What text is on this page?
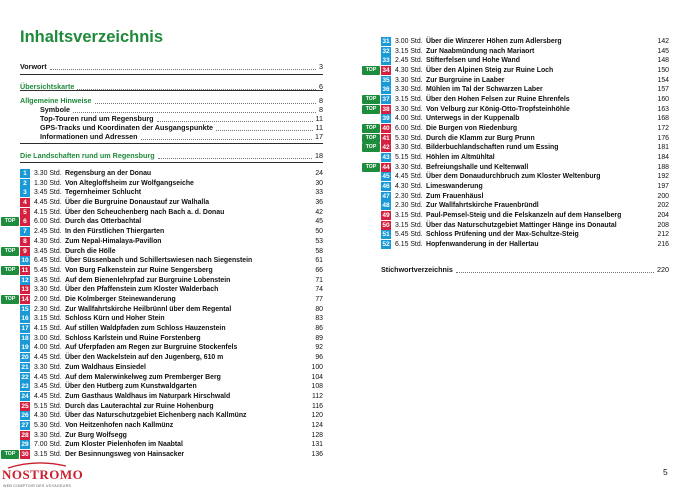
Inhaltsverzeichnis
Vorwort	3
Übersichtskarte	6
Allgemeine Hinweise	8
Symbole	8
Top-Touren rund um Regensburg	11
GPS-Tracks und Koordinaten der Ausgangspunkte	11
Informationen und Adressen	17
Die Landschaften rund um Regensburg	18
1	3.30 Std. Regensburg an der Donau	24
2	1.30 Std. Von Altegloffsheim zur Wolfgangseiche	30
3	3.45 Std. Tegernheimer Schlucht	33
4	4.45 Std. Über die Burgruine Donaustauf zur Walhalla	36
5	4.15 Std. Über den Scheuchenberg nach Bach a. d. Donau	42
TOP	6	6.00 Std. Durch das Otterbachtal	45
7	2.45 Std. In den Fürstlichen Thiergarten	50
8	4.30 Std. Zum Nepal-Himalaya-Pavillon	53
TOP	9	3.45 Std. Durch die Hölle	58
10 6.45 Std. Über Süssenbach und Schillertswiesen nach Siegenstein	61
TOP 11 5.45 Std. Von Burg Falkenstein zur Ruine Sengersberg	66
12 3.45 Std. Auf dem Bienenlehrpfad zur Burgruine Lobenstein	71
13 3.30 Std. Über den Pfaffenstein zum Kloster Walderbach	74
TOP 14 2.00 Std. Die Kolmberger Steinewanderung	77
15 2.30 Std. Zur Wallfahrtskirche Heilbrünnl über dem Regental	80
16 3.15 Std. Schloss Kürn und Hoher Stein	83
17 4.15 Std. Auf stillen Waldpfaden zum Schloss Hauzenstein	86
18 3.00 Std. Schloss Karlstein und Ruine Forstenberg	89
19 4.00 Std. Auf Uferpfaden am Regen zur Burgruine Stockenfels	92
20 4.45 Std. Über den Wackelstein auf den Jugenberg, 610 m	96
21 3.30 Std. Zum Waldhaus Einsiedel	100
22 4.45 Std. Auf dem Malerwinkelweg zum Premberger Berg	104
23 3.45 Std. Über den Hutberg zum Kunstwaldgarten	108
24 4.45 Std. Zum Gasthaus Waldhaus im Naturpark Hirschwald	112
25 5.15 Std. Durch das Lauterachtal zur Ruine Hohenburg	116
26 4.30 Std. Über das Naturschutzgebiet Eichenberg nach Kallmünz	120
27 5.30 Std. Von Heitzenhofen nach Kallmünz	124
28 3.30 Std. Zur Burg Wolfsegg	128
29 7.00 Std. Zum Kloster Pielenhofen im Naabtal	131
TOP 30 3.15 Std. Der Besinnungsweg von Hainsacker	136
31 3.00 Std. Über die Winzerer Höhen zum Adlersberg	142
32 3.15 Std. Zur Naabmündung nach Mariaort	145
33 2.45 Std. Stifterfelsen und Hohe Wand	148
TOP 34 4.30 Std. Über den Alpinen Steig zur Ruine Loch	150
35 3.30 Std. Zur Burgruine in Laaber	154
36 3.30 Std. Mühlen im Tal der Schwarzen Laber	157
TOP 37 3.15 Std. Über den Hohen Felsen zur Ruine Ehrenfels	160
TOP 38 3.30 Std. Von Velburg zur König-Otto-Tropfsteinhöhle	163
39 4.00 Std. Unterwegs in der Kuppenalb	168
TOP 40 6.00 Std. Die Burgen von Riedenburg	172
TOP 41 5.30 Std. Durch die Klamm zur Burg Prunn	176
TOP 42 3.30 Std. Bilderbuchlandschaften rund um Essing	181
43 5.15 Std. Höhlen im Altmühltal	184
TOP 44 3.30 Std. Befreiungshalle und Keltenwall	188
45 4.45 Std. Über dem Donaudurchbruch zum Kloster Weltenburg	192
46 4.30 Std. Limeswanderung	197
47 2.30 Std. Zum Frauenhäusl	200
48 2.30 Std. Zur Wallfahrtskirche Frauenbründl	202
49 3.15 Std. Paul-Pemsel-Steig und die Felskanzeln auf dem Hanselberg	204
50 3.15 Std. Über das Naturschutzgebiet Mattinger Hänge ins Donautal	208
51 5.45 Std. Schloss Prüfening und der Max-Schultze-Steig	212
52 6.15 Std. Hopfenwanderung in der Hallertau	216
Stichwortverzeichnis	220
5
NOSTROMO
WEB COMPTOIR DES VOYAGEURS
